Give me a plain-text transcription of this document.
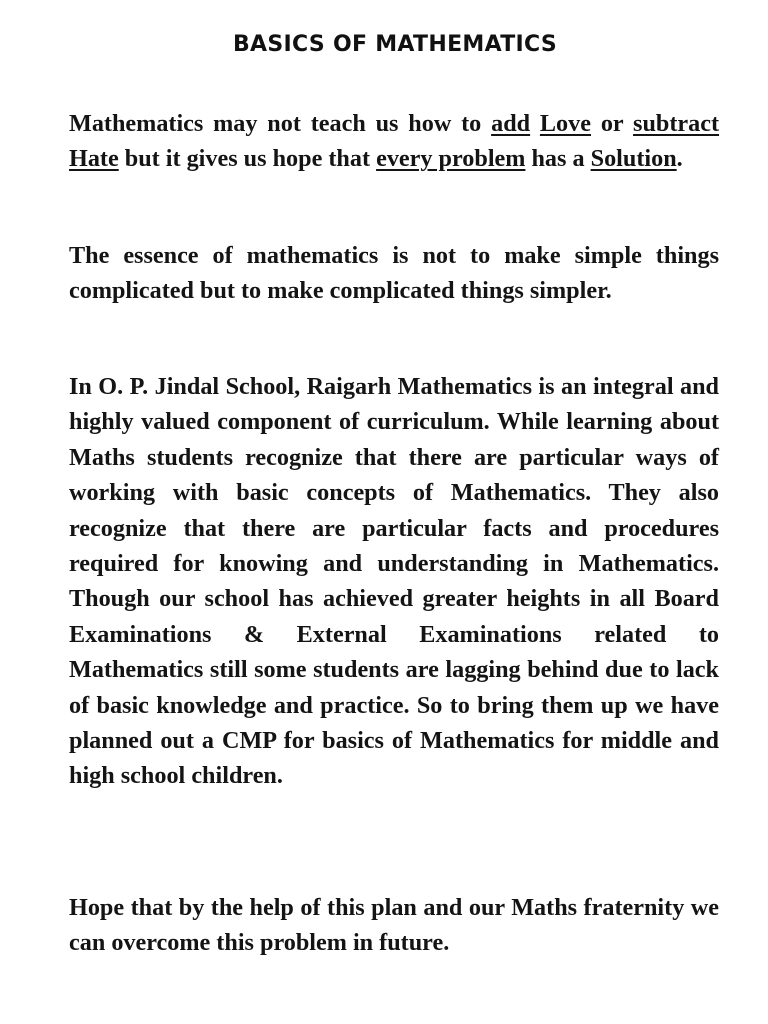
BASICS OF MATHEMATICS

Mathematics may not teach us how to add Love or subtract Hate but it gives us hope that every problem has a Solution.

The essence of mathematics is not to make simple things complicated but to make complicated things simpler.

In O. P. Jindal School, Raigarh Mathematics is an integral and highly valued component of curriculum. While learning about Maths students recognize that there are particular ways of working with basic concepts of Mathematics. They also recognize that there are particular facts and procedures required for knowing and understanding in Mathematics. Though our school has achieved greater heights in all Board Examinations & External Examinations related to Mathematics still some students are lagging behind due to lack of basic knowledge and practice. So to bring them up we have planned out a CMP for basics of Mathematics for middle and high school children.

Hope that by the help of this plan and our Maths fraternity we can overcome this problem in future.
